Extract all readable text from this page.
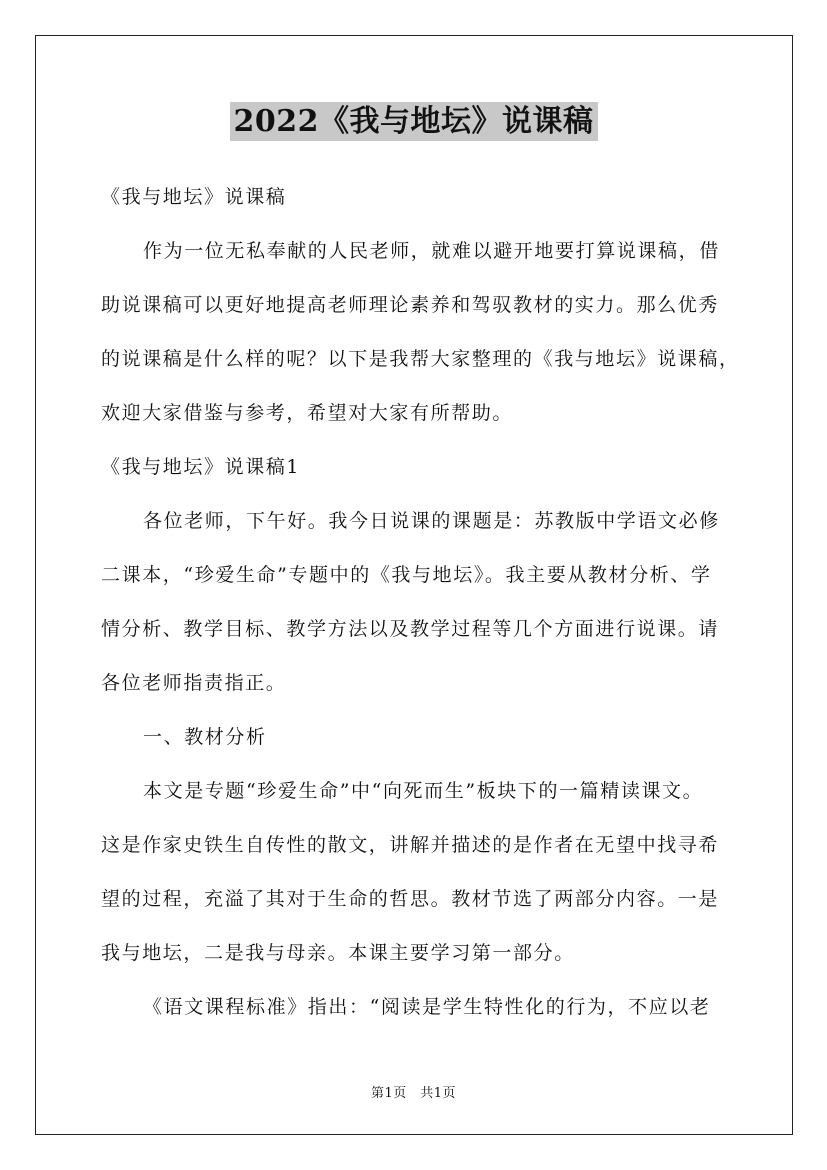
2022《我与地坛》说课稿

《我与地坛》说课稿

作为一位无私奉献的人民老师，就难以避开地要打算说课稿，借

助说课稿可以更好地提高老师理论素养和驾驭教材的实力。那么优秀

的说课稿是什么样的呢？以下是我帮大家整理的《我与地坛》说课稿，

欢迎大家借鉴与参考，希望对大家有所帮助。

《我与地坛》说课稿1

各位老师，下午好。我今日说课的课题是：苏教版中学语文必修

二课本，“珍爱生命”专题中的《我与地坛》。我主要从教材分析、学

情分析、教学目标、教学方法以及教学过程等几个方面进行说课。请

各位老师指责指正。

一、教材分析

本文是专题“珍爱生命”中“向死而生”板块下的一篇精读课文。

这是作家史铁生自传性的散文，讲解并描述的是作者在无望中找寻希

望的过程，充溢了其对于生命的哲思。教材节选了两部分内容。一是

我与地坛，二是我与母亲。本课主要学习第一部分。

《语文课程标准》指出：“阅读是学生特性化的行为，不应以老

第1页　共1页
